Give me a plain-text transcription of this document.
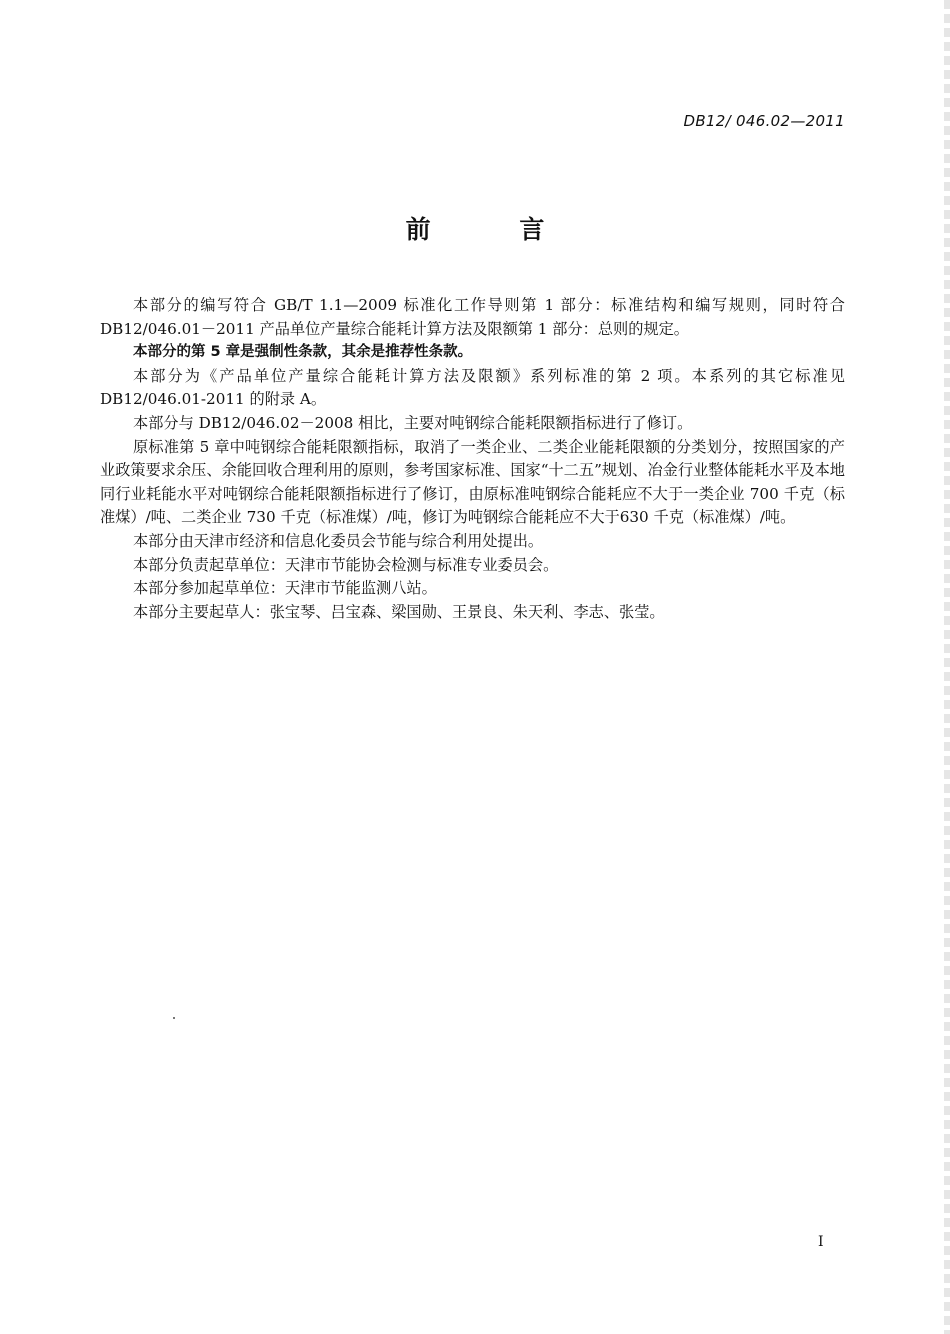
DB12/ 046.02—2011
前 言

本部分的编写符合 GB/T 1.1—2009 标准化工作导则第 1 部分：标准结构和编写规则，同时符合DB12/046.01－2011 产品单位产量综合能耗计算方法及限额第 1 部分：总则的规定。

本部分的第 5 章是强制性条款，其余是推荐性条款。

本部分为《产品单位产量综合能耗计算方法及限额》系列标准的第 2 项。本系列的其它标准见DB12/046.01-2011 的附录 A。

本部分与 DB12/046.02－2008 相比，主要对吨钢综合能耗限额指标进行了修订。

原标准第 5 章中吨钢综合能耗限额指标，取消了一类企业、二类企业能耗限额的分类划分，按照国家的产业政策要求余压、余能回收合理利用的原则，参考国家标准、国家“十二五”规划、冶金行业整体能耗水平及本地同行业耗能水平对吨钢综合能耗限额指标进行了修订，由原标准吨钢综合能耗应不大于一类企业 700 千克（标准煤）/吨、二类企业 730 千克（标准煤）/吨，修订为吨钢综合能耗应不大于630 千克（标准煤）/吨。

本部分由天津市经济和信息化委员会节能与综合利用处提出。

本部分负责起草单位：天津市节能协会检测与标准专业委员会。

本部分参加起草单位：天津市节能监测八站。

本部分主要起草人：张宝琴、吕宝森、梁国勋、王景良、朱天利、李志、张莹。

I
